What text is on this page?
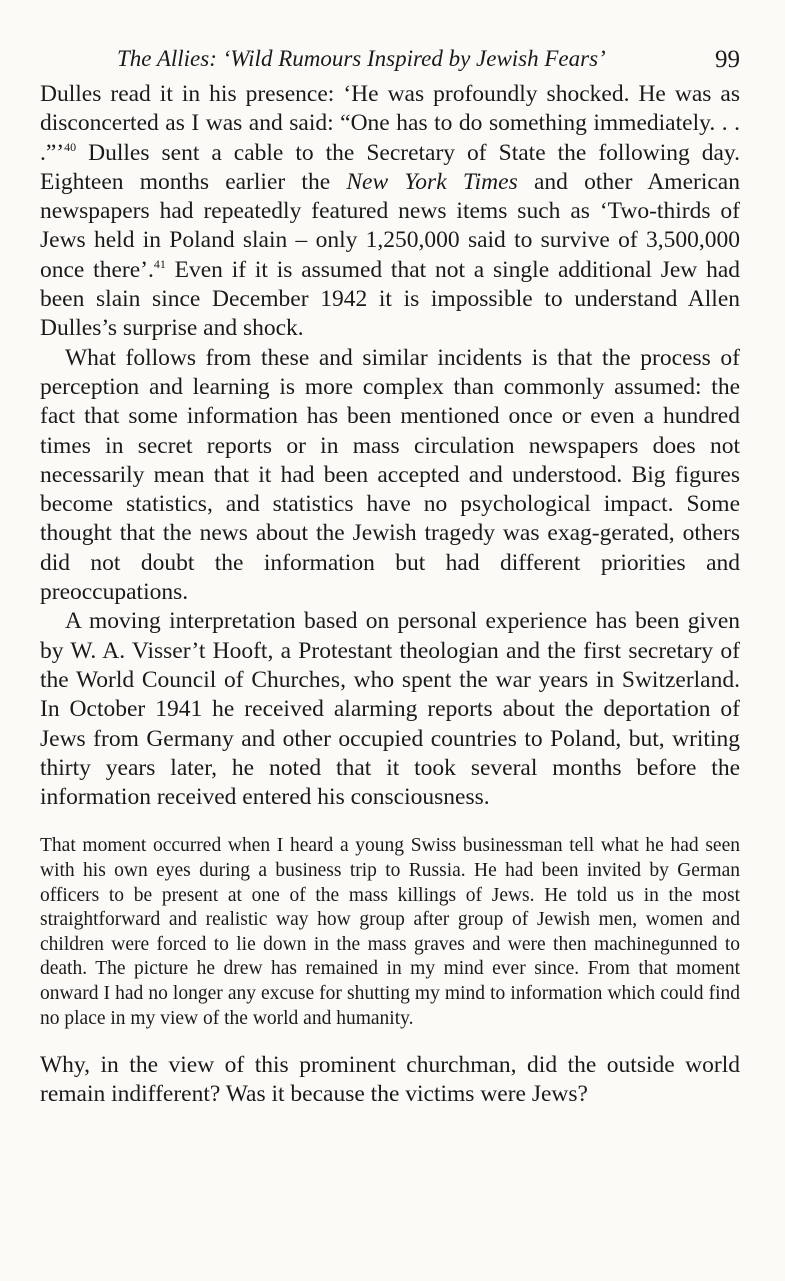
The Allies: ‘Wild Rumours Inspired by Jewish Fears’	99

Dulles read it in his presence: ‘He was profoundly shocked. He was as disconcerted as I was and said: “One has to do something immediately. . . .”’$^{40}$ Dulles sent a cable to the Secretary of State the following day. Eighteen months earlier the New York Times and other American newspapers had repeatedly featured news items such as ‘Two-thirds of Jews held in Poland slain – only 1,250,000 said to survive of 3,500,000 once there’.$^{41}$ Even if it is assumed that not a single additional Jew had been slain since December 1942 it is impossible to understand Allen Dulles’s surprise and shock.

What follows from these and similar incidents is that the process of perception and learning is more complex than commonly assumed: the fact that some information has been mentioned once or even a hundred times in secret reports or in mass circulation newspapers does not necessarily mean that it had been accepted and understood. Big figures become statistics, and statistics have no psychological impact. Some thought that the news about the Jewish tragedy was exag-gerated, others did not doubt the information but had different priorities and preoccupations.

A moving interpretation based on personal experience has been given by W. A. Visser’t Hooft, a Protestant theologian and the first secretary of the World Council of Churches, who spent the war years in Switzerland. In October 1941 he received alarming reports about the deportation of Jews from Germany and other occupied countries to Poland, but, writing thirty years later, he noted that it took several months before the information received entered his consciousness.

That moment occurred when I heard a young Swiss businessman tell what he had seen with his own eyes during a business trip to Russia. He had been invited by German officers to be present at one of the mass killings of Jews. He told us in the most straightforward and realistic way how group after group of Jewish men, women and children were forced to lie down in the mass graves and were then machinegunned to death. The picture he drew has remained in my mind ever since. From that moment onward I had no longer any excuse for shutting my mind to information which could find no place in my view of the world and humanity.

Why, in the view of this prominent churchman, did the outside world remain indifferent? Was it because the victims were Jews?
